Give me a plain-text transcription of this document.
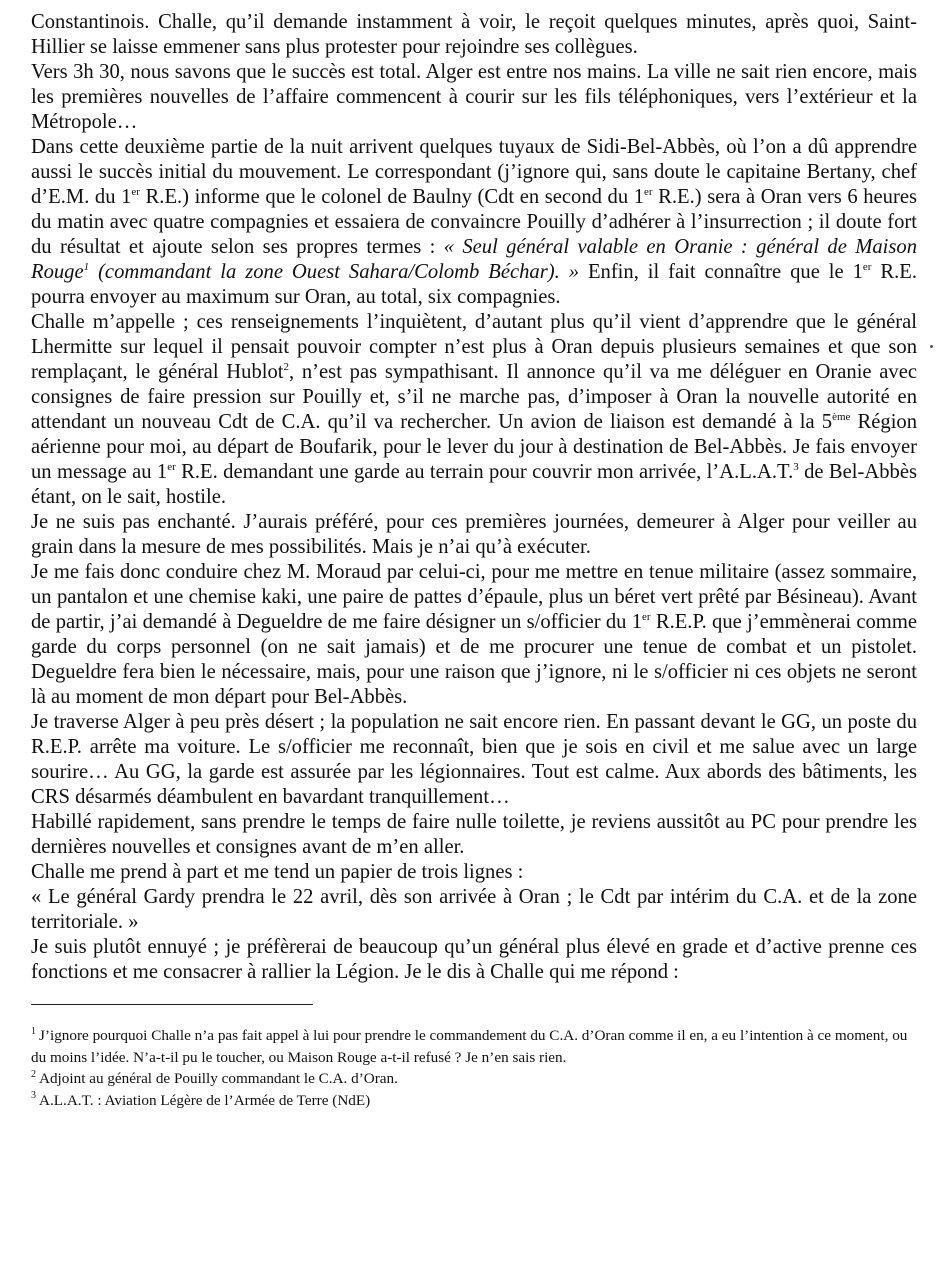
Constantinois. Challe, qu’il demande instamment à voir, le reçoit quelques minutes, après quoi, Saint-Hillier se laisse emmener sans plus protester pour rejoindre ses collègues.

Vers 3h 30, nous savons que le succès est total. Alger est entre nos mains. La ville ne sait rien encore, mais les premières nouvelles de l’affaire commencent à courir sur les fils téléphoniques, vers l’extérieur et la Métropole…

Dans cette deuxième partie de la nuit arrivent quelques tuyaux de Sidi-Bel-Abbès, où l’on a dû apprendre aussi le succès initial du mouvement. Le correspondant (j’ignore qui, sans doute le capitaine Bertany, chef d’E.M. du 1er R.E.) informe que le colonel de Baulny (Cdt en second du 1er R.E.) sera à Oran vers 6 heures du matin avec quatre compagnies et essaiera de convaincre Pouilly d’adhérer à l’insurrection ; il doute fort du résultat et ajoute selon ses propres termes : « Seul général valable en Oranie : général de Maison Rouge$^1$ (commandant la zone Ouest Sahara/Colomb Béchar). » Enfin, il fait connaître que le 1er R.E. pourra envoyer au maximum sur Oran, au total, six compagnies.

Challe m’appelle ; ces renseignements l’inquiètent, d’autant plus qu’il vient d’apprendre que le général Lhermitte sur lequel il pensait pouvoir compter n’est plus à Oran depuis plusieurs semaines et que son remplaçant, le général Hublot$^2$, n’est pas sympathisant. Il annonce qu’il va me déléguer en Oranie avec consignes de faire pression sur Pouilly et, s’il ne marche pas, d’imposer à Oran la nouvelle autorité en attendant un nouveau Cdt de C.A. qu’il va rechercher. Un avion de liaison est demandé à la 5ème Région aérienne pour moi, au départ de Boufarik, pour le lever du jour à destination de Bel-Abbès. Je fais envoyer un message au 1er R.E. demandant une garde au terrain pour couvrir mon arrivée, l’A.L.A.T.$^3$ de Bel-Abbès étant, on le sait, hostile.

Je ne suis pas enchanté. J’aurais préféré, pour ces premières journées, demeurer à Alger pour veiller au grain dans la mesure de mes possibilités. Mais je n’ai qu’à exécuter.

Je me fais donc conduire chez M. Moraud par celui-ci, pour me mettre en tenue militaire (assez sommaire, un pantalon et une chemise kaki, une paire de pattes d’épaule, plus un béret vert prêté par Bésineau). Avant de partir, j’ai demandé à Degueldre de me faire désigner un s/officier du 1er R.E.P. que j’emmènerai comme garde du corps personnel (on ne sait jamais) et de me procurer une tenue de combat et un pistolet. Degueldre fera bien le nécessaire, mais, pour une raison que j’ignore, ni le s/officier ni ces objets ne seront là au moment de mon départ pour Bel-Abbès.

Je traverse Alger à peu près désert ; la population ne sait encore rien. En passant devant le GG, un poste du R.E.P. arrête ma voiture. Le s/officier me reconnaît, bien que je sois en civil et me salue avec un large sourire… Au GG, la garde est assurée par les légionnaires. Tout est calme. Aux abords des bâtiments, les CRS désarmés déambulent en bavardant tranquillement…

Habillé rapidement, sans prendre le temps de faire nulle toilette, je reviens aussitôt au PC pour prendre les dernières nouvelles et consignes avant de m’en aller.

Challe me prend à part et me tend un papier de trois lignes :

« Le général Gardy prendra le 22 avril, dès son arrivée à Oran ; le Cdt par intérim du C.A. et de la zone territoriale. »

Je suis plutôt ennuyé ; je préfèrerai de beaucoup qu’un général plus élevé en grade et d’active prenne ces fonctions et me consacrer à rallier la Légion. Je le dis à Challe qui me répond :

$^1$ J’ignore pourquoi Challe n’a pas fait appel à lui pour prendre le commandement du C.A. d’Oran comme il en, a eu l’intention à ce moment, ou du moins l’idée. N’a-t-il pu le toucher, ou Maison Rouge a-t-il refusé ? Je n’en sais rien.

$^2$ Adjoint au général de Pouilly commandant le C.A. d’Oran.

$^3$ A.L.A.T. : Aviation Légère de l’Armée de Terre (NdE)
